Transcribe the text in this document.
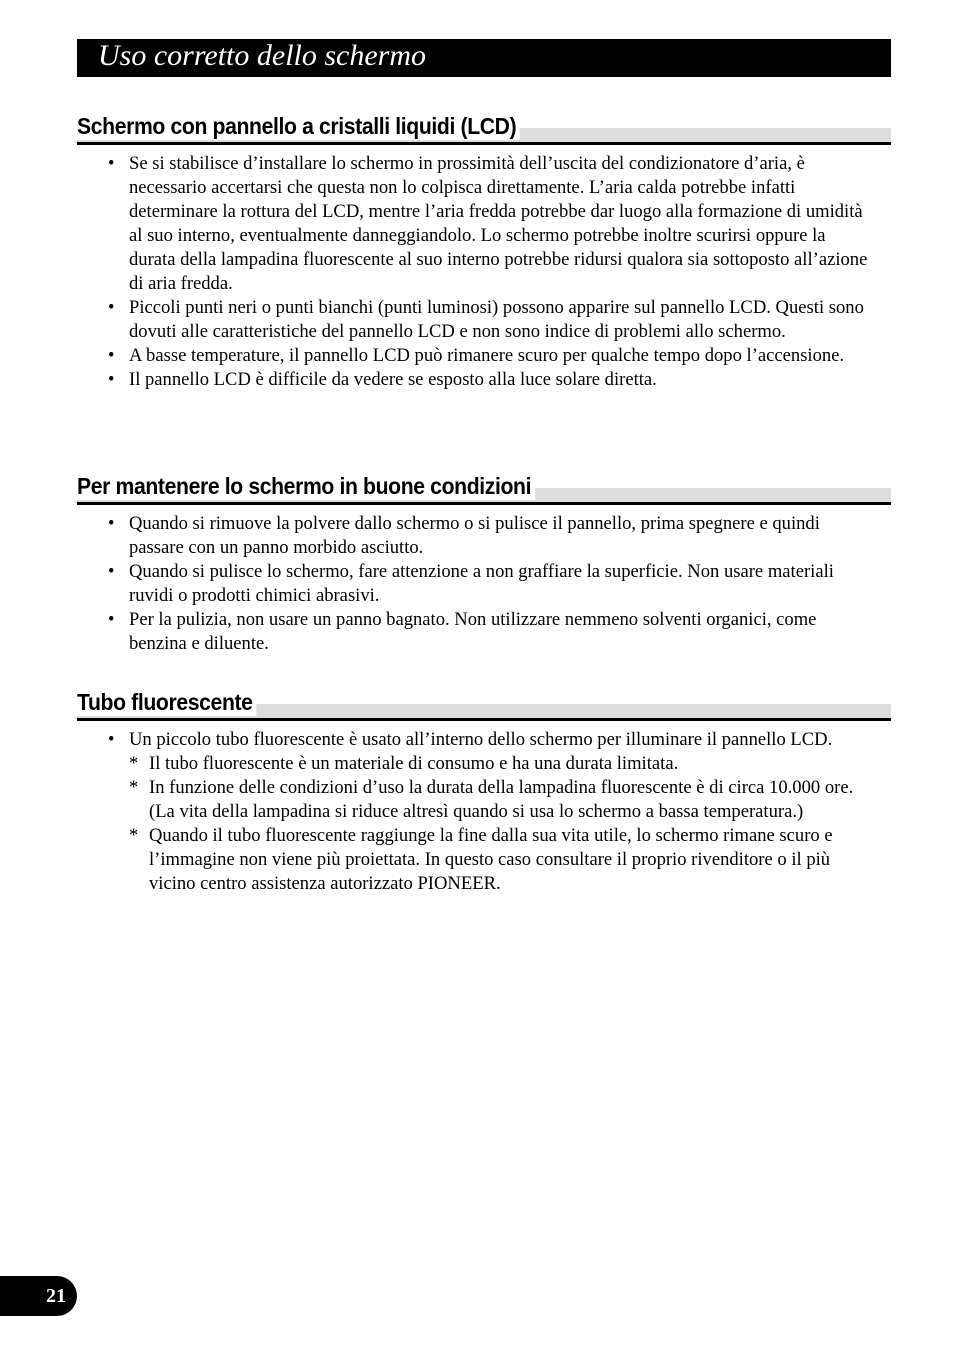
Uso corretto dello schermo
Schermo con pannello a cristalli liquidi (LCD)
• Se si stabilisce d’installare lo schermo in prossimità dell’uscita del condizionatore d’aria, è necessario accertarsi che questa non lo colpisca direttamente. L’aria calda potrebbe infatti determinare la rottura del LCD, mentre l’aria fredda potrebbe dar luogo alla formazione di umidità al suo interno, eventualmente danneggiandolo. Lo schermo potrebbe inoltre scurirsi oppure la durata della lampadina fluorescente al suo interno potrebbe ridursi qualora sia sottoposto all’azione di aria fredda.
• Piccoli punti neri o punti bianchi (punti luminosi) possono apparire sul pannello LCD. Questi sono dovuti alle caratteristiche del pannello LCD e non sono indice di problemi allo schermo.
• A basse temperature, il pannello LCD può rimanere scuro per qualche tempo dopo l’accensione.
• Il pannello LCD è difficile da vedere se esposto alla luce solare diretta.
Per mantenere lo schermo in buone condizioni
• Quando si rimuove la polvere dallo schermo o si pulisce il pannello, prima spegnere e quindi passare con un panno morbido asciutto.
• Quando si pulisce lo schermo, fare attenzione a non graffiare la superficie. Non usare materiali ruvidi o prodotti chimici abrasivi.
• Per la pulizia, non usare un panno bagnato. Non utilizzare nemmeno solventi organici, come benzina e diluente.
Tubo fluorescente
• Un piccolo tubo fluorescente è usato all’interno dello schermo per illuminare il pannello LCD.
* Il tubo fluorescente è un materiale di consumo e ha una durata limitata.
* In funzione delle condizioni d’uso la durata della lampadina fluorescente è di circa 10.000 ore. (La vita della lampadina si riduce altresì quando si usa lo schermo a bassa temperatura.)
* Quando il tubo fluorescente raggiunge la fine dalla sua vita utile, lo schermo rimane scuro e l’immagine non viene più proiettata. In questo caso consultare il proprio rivenditore o il più vicino centro assistenza autorizzato PIONEER.
21
